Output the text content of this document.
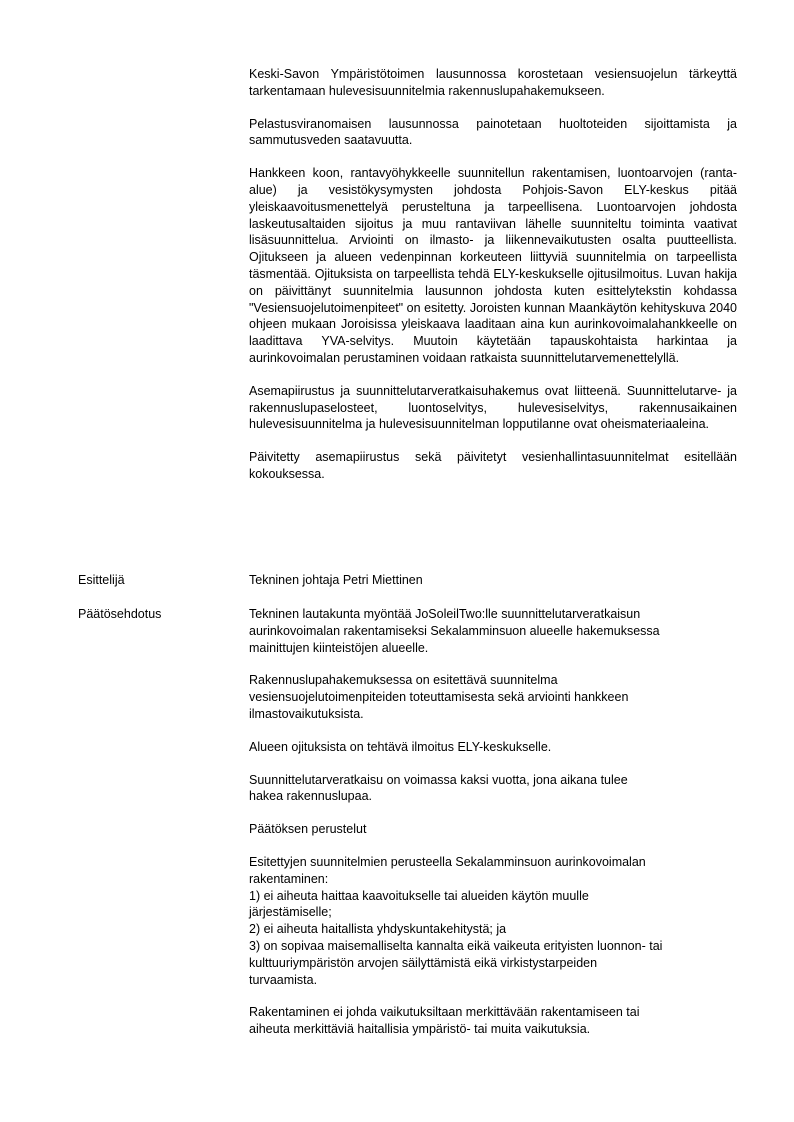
Keski-Savon Ympäristötoimen lausunnossa korostetaan vesiensuojelun tärkeyttä tarkentamaan hulevesisuunnitelmia rakennuslupahakemukseen.

Pelastusviranomaisen lausunnossa painotetaan huoltoteiden sijoittamista ja sammutusveden saatavuutta.

Hankkeen koon, rantavyöhykkeelle suunnitellun rakentamisen, luontoarvojen (ranta-alue) ja vesistökysymysten johdosta Pohjois-Savon ELY-keskus pitää yleiskaavoitusmenettelyä perusteltuna ja tarpeellisena. Luontoarvojen johdosta laskeutusaltaiden sijoitus ja muu rantaviivan lähelle suunniteltu toiminta vaativat lisäsuunnittelua. Arviointi on ilmasto- ja liikennevaikutusten osalta puutteellista. Ojitukseen ja alueen vedenpinnan korkeuteen liittyviä suunnitelmia on tarpeellista täsmentää. Ojituksista on tarpeellista tehdä ELY-keskukselle ojitusilmoitus. Luvan hakija on päivittänyt suunnitelmia lausunnon johdosta kuten esittelytekstin kohdassa "Vesiensuojelutoimenpiteet" on esitetty. Joroisten kunnan Maankäytön kehityskuva 2040 ohjeen mukaan Joroisissa yleiskaava laaditaan aina kun aurinkovoimalahankkeelle on laadittava YVA-selvitys. Muutoin käytetään tapauskohtaista harkintaa ja aurinkovoimalan perustaminen voidaan ratkaista suunnittelutarvemenettelyllä.

Asemapiirustus ja suunnittelutarveratkaisuhakemus ovat liitteenä. Suunnittelutarve- ja rakennuslupaselosteet, luontoselvitys, hulevesiselvitys, rakennusaikainen hulevesisuunnitelma ja hulevesisuunnitelman lopputilanne ovat oheismateriaaleina.

Päivitetty asemapiirustus sekä päivitetyt vesienhallintasuunnitelmat esitellään kokouksessa.

Esittelijä	Tekninen johtaja Petri Miettinen
Päätösehdotus	Tekninen lautakunta myöntää JoSoleilTwo:lle suunnittelutarveratkaisun
aurinkovoimalan rakentamiseksi Sekalamminsuon alueelle hakemuksessa
mainittujen kiinteistöjen alueelle.

Rakennuslupahakemuksessa on esitettävä suunnitelma
vesiensuojelutoimenpiteiden toteuttamisesta sekä arviointi hankkeen
ilmastovaikutuksista.

Alueen ojituksista on tehtävä ilmoitus ELY-keskukselle.

Suunnittelutarveratkaisu on voimassa kaksi vuotta, jona aikana tulee
hakea rakennuslupaa.

Päätöksen perustelut

Esitettyjen suunnitelmien perusteella Sekalamminsuon aurinkovoimalan
rakentaminen:
1) ei aiheuta haittaa kaavoitukselle tai alueiden käytön muulle
järjestämiselle;
2) ei aiheuta haitallista yhdyskuntakehitystä; ja
3) on sopivaa maisemalliselta kannalta eikä vaikeuta erityisten luonnon- tai
kulttuuriympäristön arvojen säilyttämistä eikä virkistystarpeiden
turvaamista.

Rakentaminen ei johda vaikutuksiltaan merkittävään rakentamiseen tai
aiheuta merkittäviä haitallisia ympäristö- tai muita vaikutuksia.
